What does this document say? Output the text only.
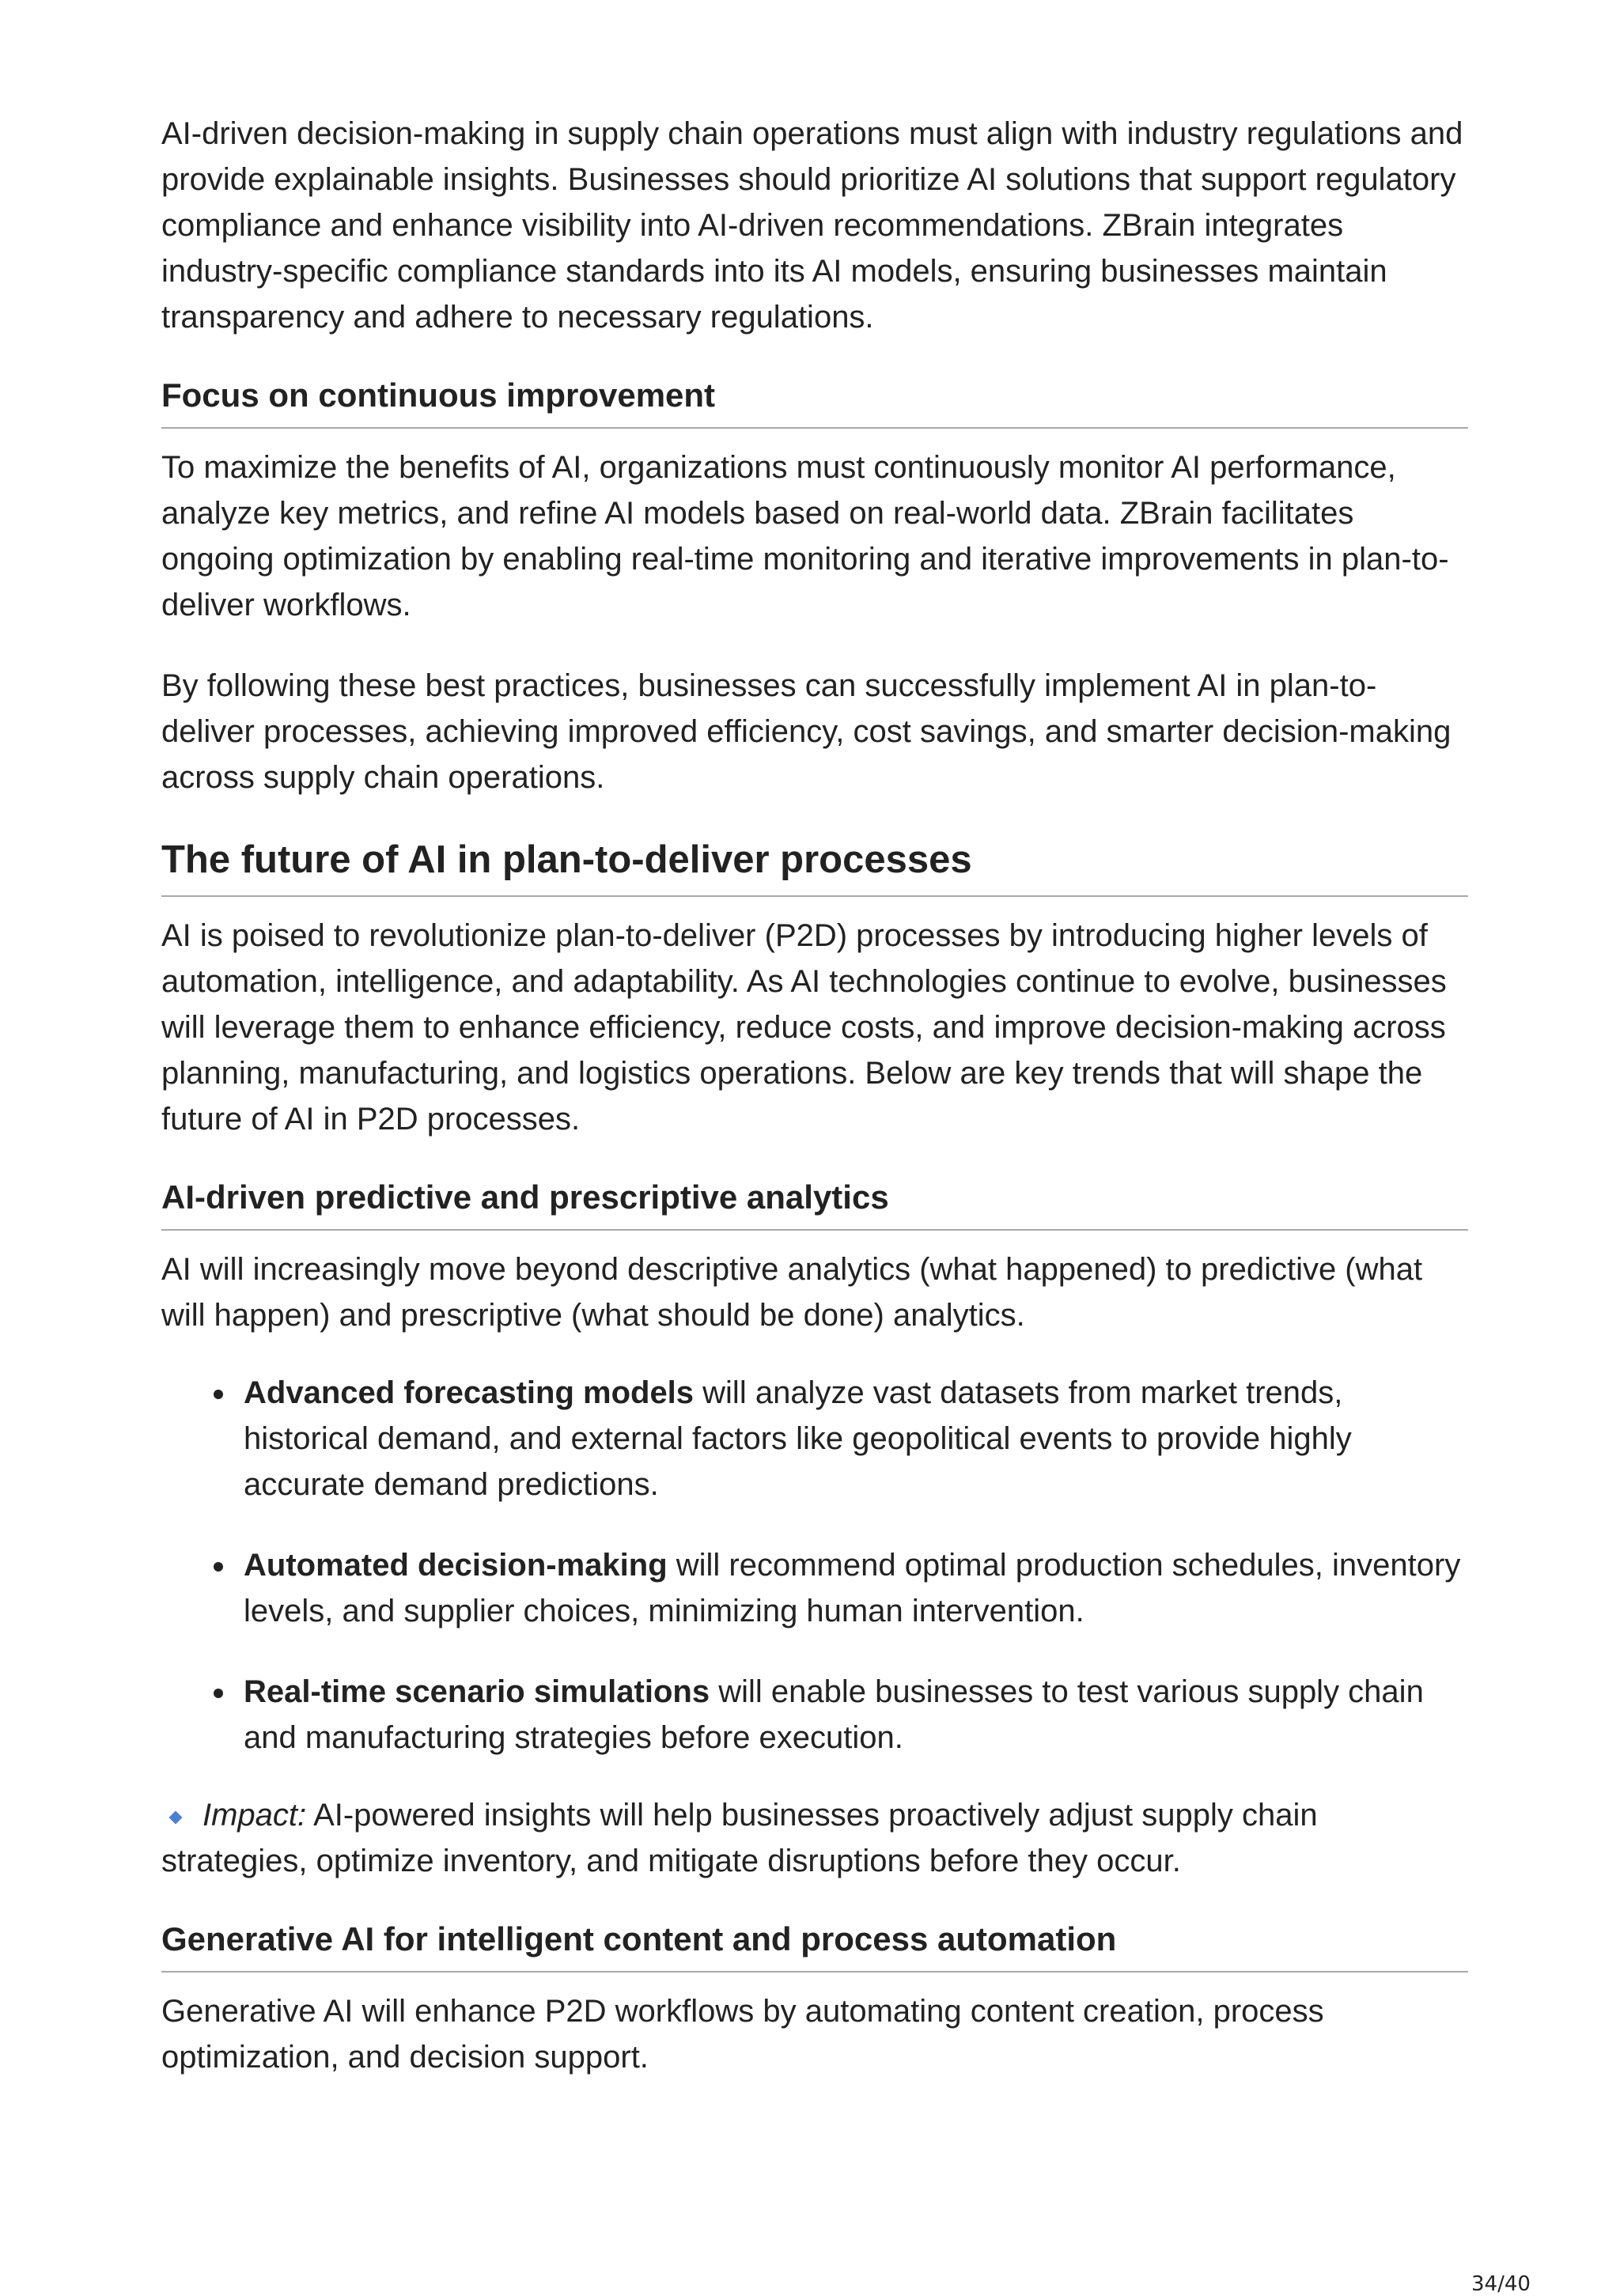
AI-driven decision-making in supply chain operations must align with industry regulations and provide explainable insights. Businesses should prioritize AI solutions that support regulatory compliance and enhance visibility into AI-driven recommendations. ZBrain integrates industry-specific compliance standards into its AI models, ensuring businesses maintain transparency and adhere to necessary regulations.

Focus on continuous improvement

To maximize the benefits of AI, organizations must continuously monitor AI performance, analyze key metrics, and refine AI models based on real-world data. ZBrain facilitates ongoing optimization by enabling real-time monitoring and iterative improvements in plan-to-deliver workflows.

By following these best practices, businesses can successfully implement AI in plan-to-deliver processes, achieving improved efficiency, cost savings, and smarter decision-making across supply chain operations.

The future of AI in plan-to-deliver processes

AI is poised to revolutionize plan-to-deliver (P2D) processes by introducing higher levels of automation, intelligence, and adaptability. As AI technologies continue to evolve, businesses will leverage them to enhance efficiency, reduce costs, and improve decision-making across planning, manufacturing, and logistics operations. Below are key trends that will shape the future of AI in P2D processes.

AI-driven predictive and prescriptive analytics

AI will increasingly move beyond descriptive analytics (what happened) to predictive (what will happen) and prescriptive (what should be done) analytics.

Advanced forecasting models will analyze vast datasets from market trends, historical demand, and external factors like geopolitical events to provide highly accurate demand predictions.
Automated decision-making will recommend optimal production schedules, inventory levels, and supplier choices, minimizing human intervention.
Real-time scenario simulations will enable businesses to test various supply chain and manufacturing strategies before execution.

Impact: AI-powered insights will help businesses proactively adjust supply chain strategies, optimize inventory, and mitigate disruptions before they occur.

Generative AI for intelligent content and process automation

Generative AI will enhance P2D workflows by automating content creation, process optimization, and decision support.

34/40
